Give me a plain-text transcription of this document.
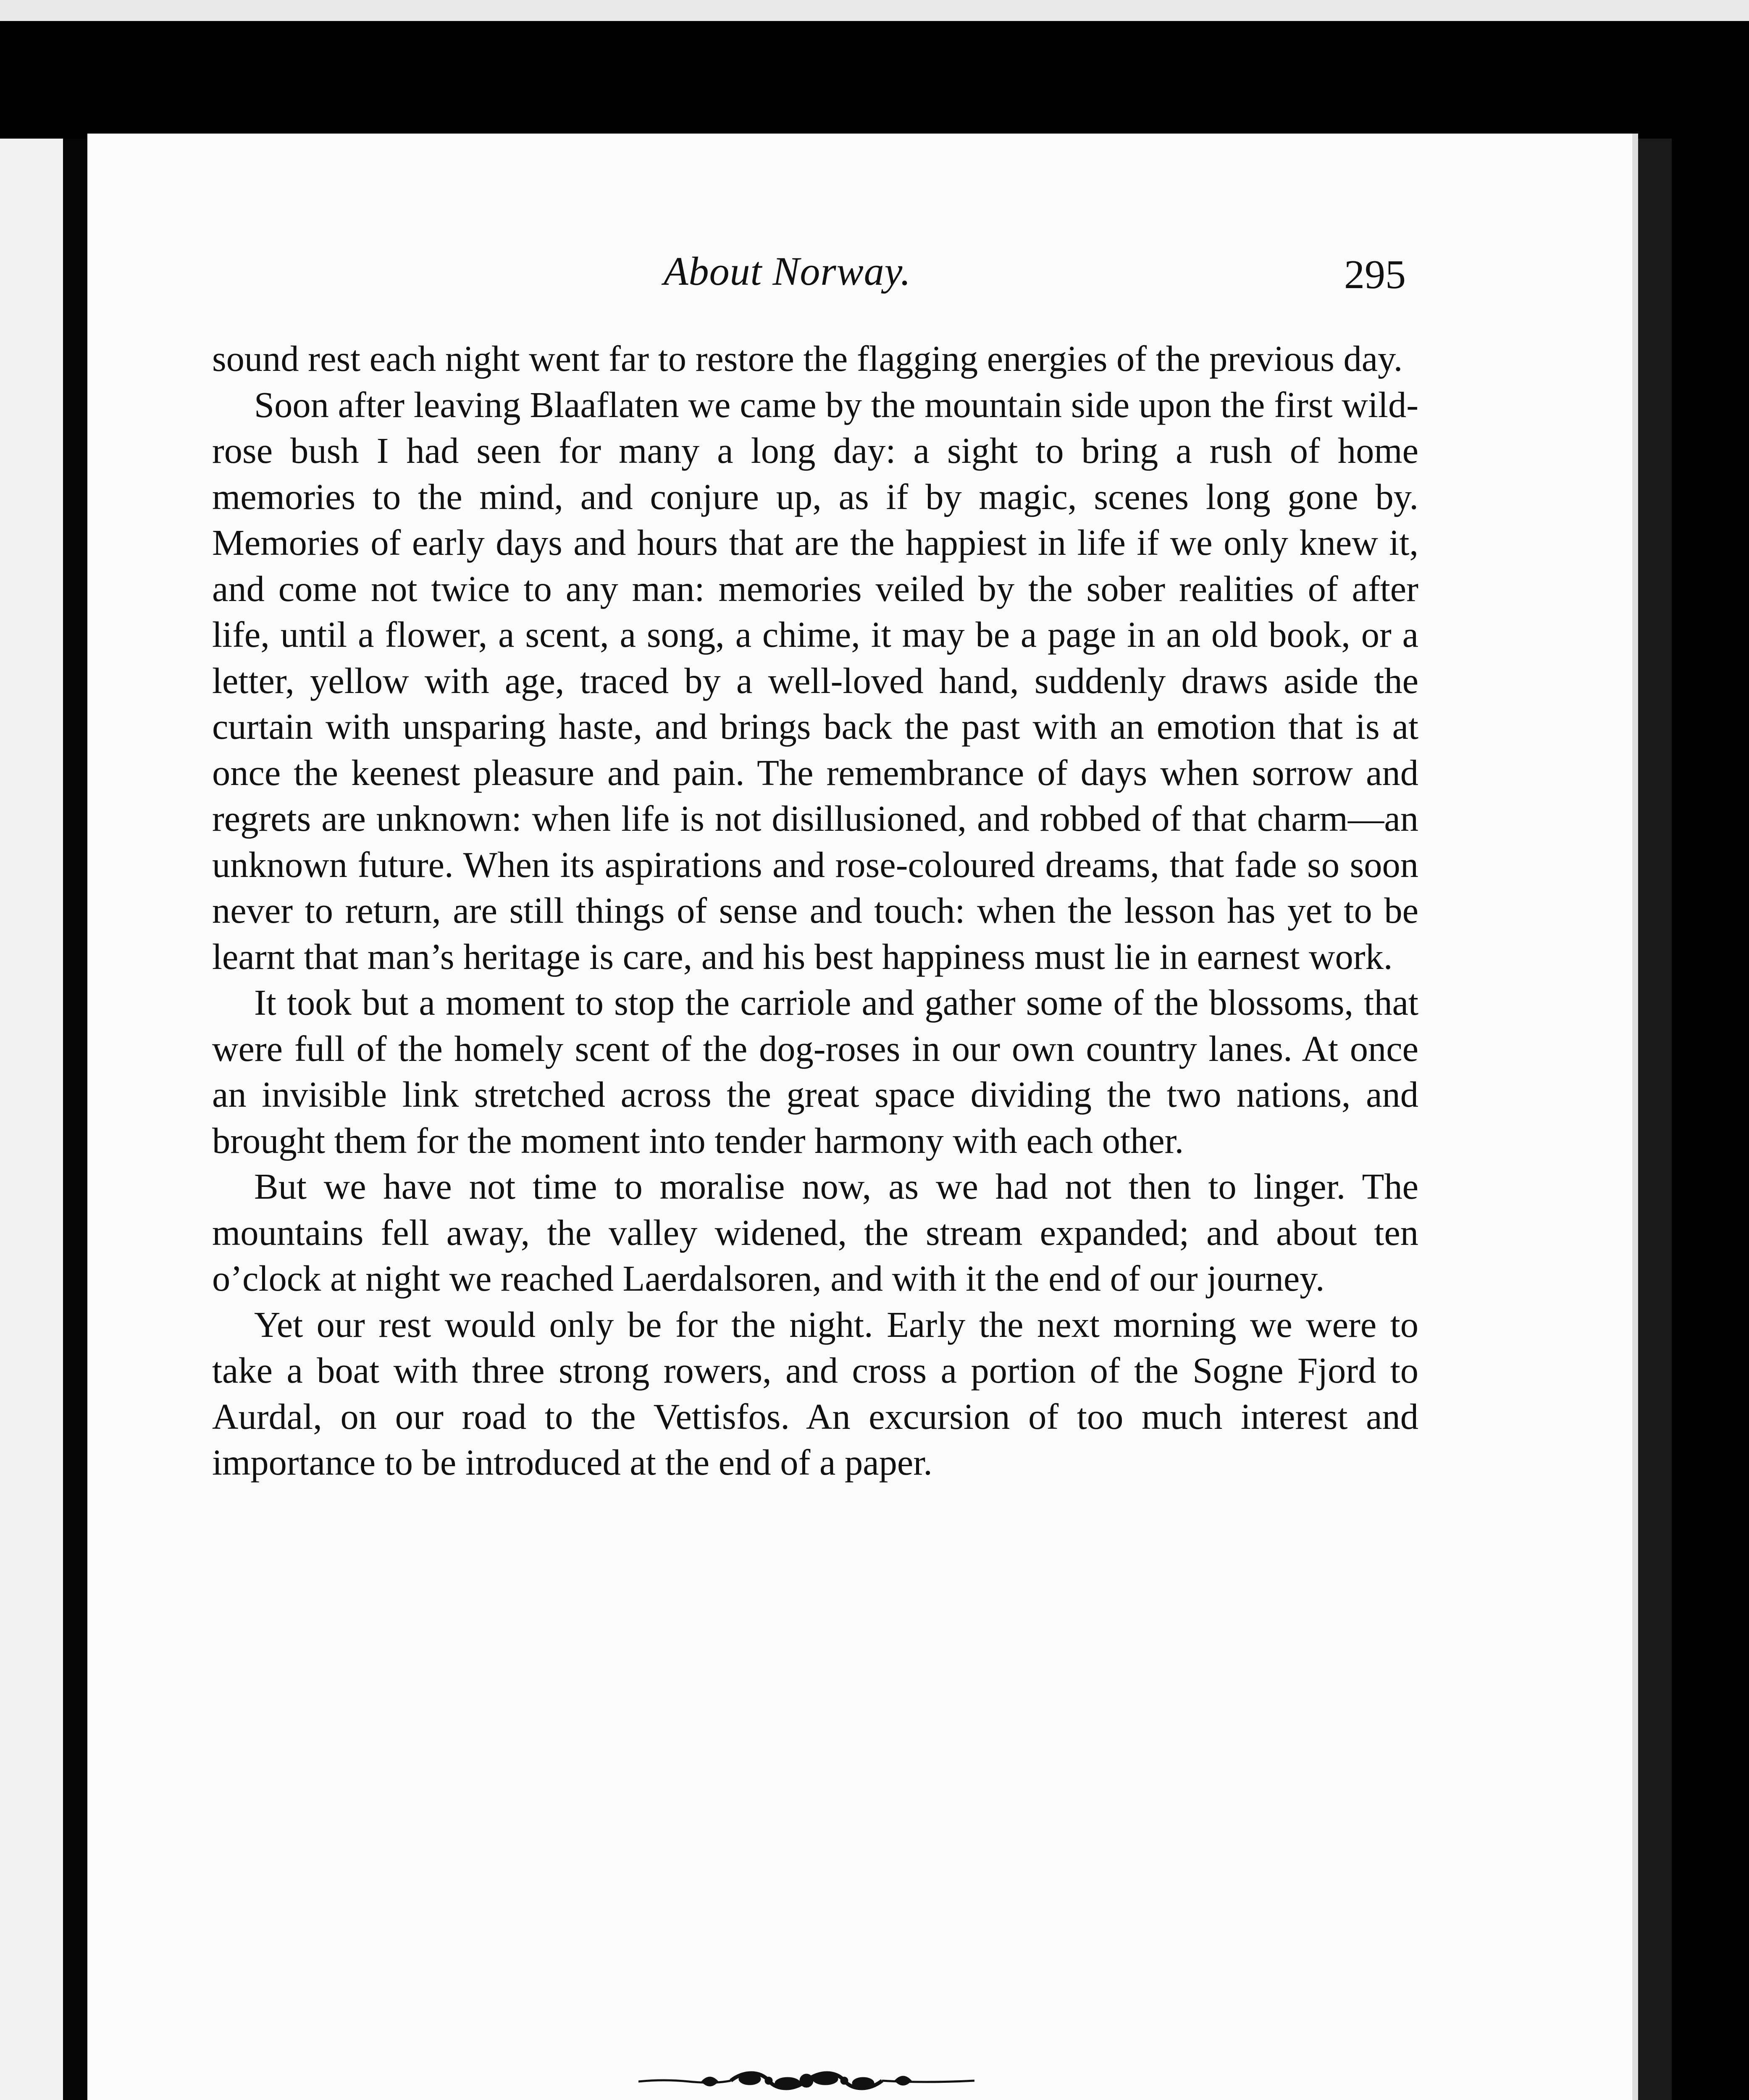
About Norway.	295

sound rest each night went far to restore the flagging energies of the previous day.

Soon after leaving Blaaflaten we came by the mountain side upon the first wild-rose bush I had seen for many a long day: a sight to bring a rush of home memories to the mind, and conjure up, as if by magic, scenes long gone by. Memories of early days and hours that are the happiest in life if we only knew it, and come not twice to any man: memories veiled by the sober realities of after life, until a flower, a scent, a song, a chime, it may be a page in an old book, or a letter, yellow with age, traced by a well-loved hand, suddenly draws aside the curtain with unsparing haste, and brings back the past with an emotion that is at once the keenest pleasure and pain. The remembrance of days when sorrow and regrets are unknown: when life is not disillusioned, and robbed of that charm—an unknown future. When its aspirations and rose-coloured dreams, that fade so soon never to return, are still things of sense and touch: when the lesson has yet to be learnt that man’s heritage is care, and his best happiness must lie in earnest work.

It took but a moment to stop the carriole and gather some of the blossoms, that were full of the homely scent of the dog-roses in our own country lanes. At once an invisible link stretched across the great space dividing the two nations, and brought them for the moment into tender harmony with each other.

But we have not time to moralise now, as we had not then to linger. The mountains fell away, the valley widened, the stream expanded; and about ten o’clock at night we reached Laerdalsoren, and with it the end of our journey.

Yet our rest would only be for the night. Early the next morning we were to take a boat with three strong rowers, and cross a portion of the Sogne Fjord to Aurdal, on our road to the Vettisfos. An excursion of too much interest and importance to be introduced at the end of a paper.
